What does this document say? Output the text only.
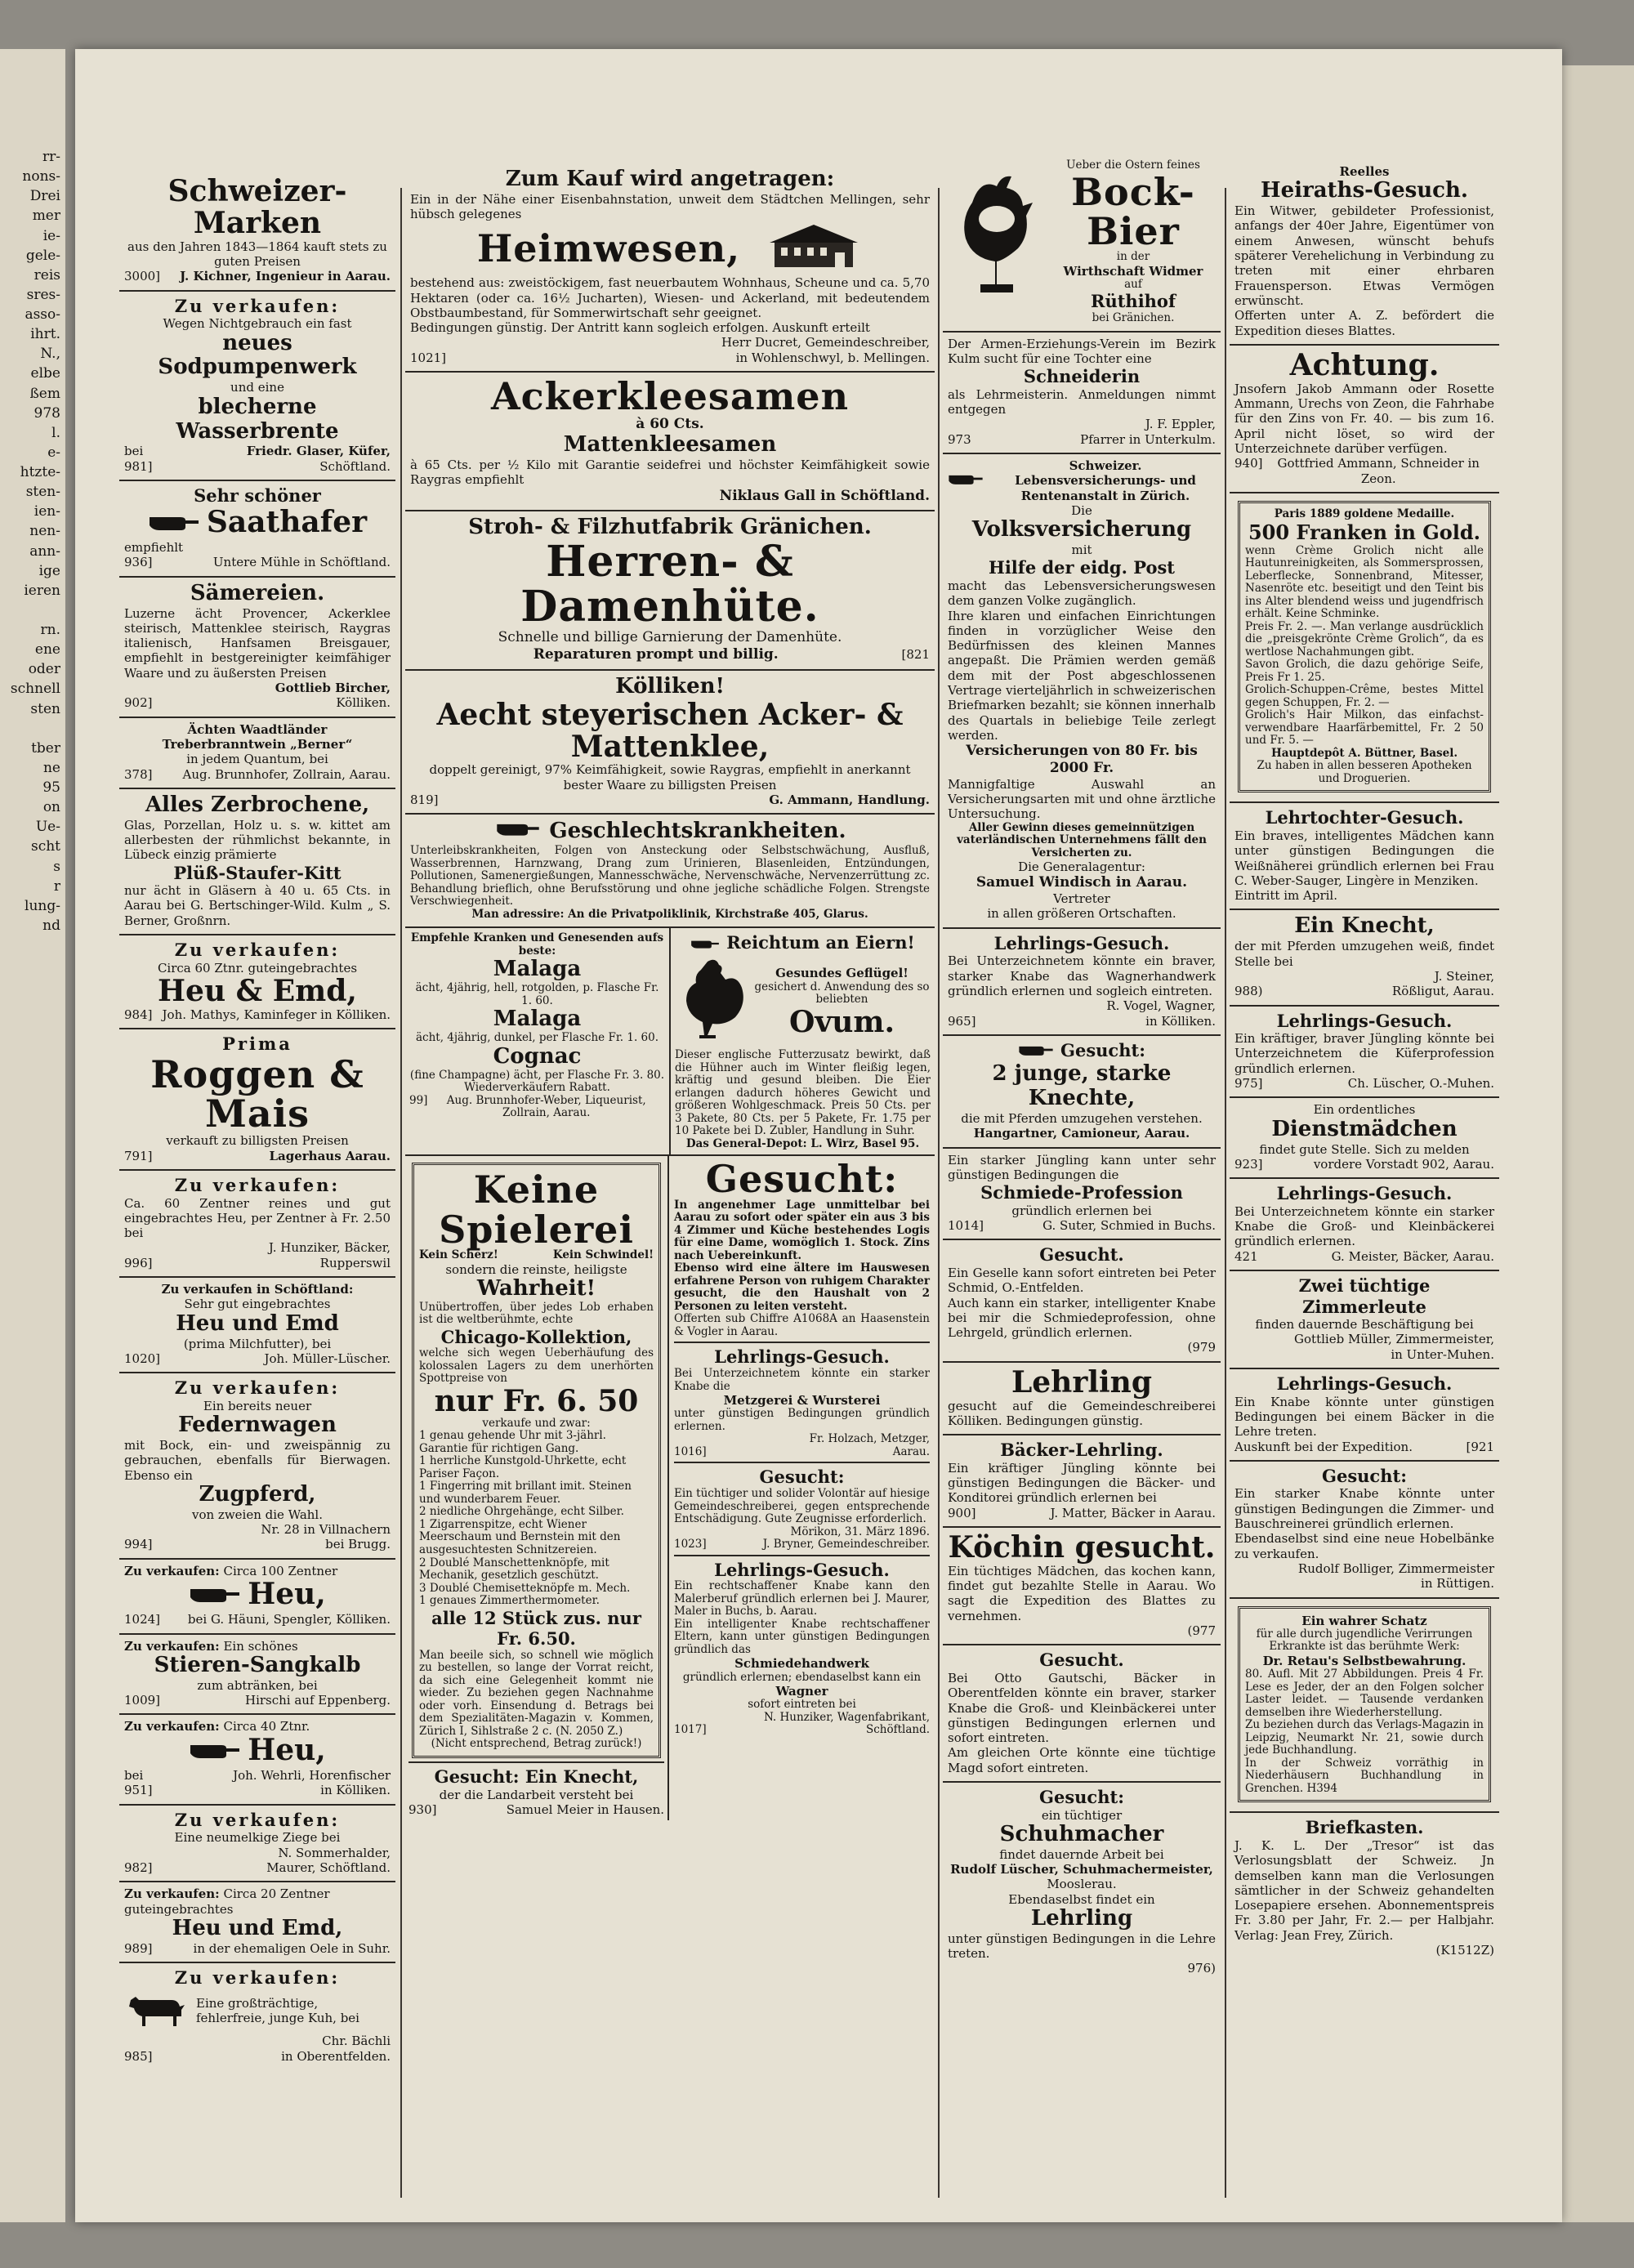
rr-
nons-
Drei
mer
ie-
gele-
reis
sres-
asso-
ihrt.
N.,
elbe
ßem
978
l.
e-
htzte-
sten-
ien-
nen-
ann-
ige
ieren

rn.
ene
oder
schnell
sten

tber
ne
95
on
Ue-
scht
s
r
lung-
nd
Schweizer-Marken
aus den Jahren 1843—1864 kauft stets zu guten Preisen
3000] J. Kichner, Ingenieur in Aarau.
Zu verkaufen:
Wegen Nichtgebrauch ein fast
neues Sodpumpenwerk
und eine
blecherne Wasserbrente
bei	Friedr. Glaser, Küfer,
981]	Schöftland.
Sehr schöner
Saathafer
empfiehlt
936]	Untere Mühle in Schöftland.
Sämereien.
Luzerne ächt Provencer, Ackerklee steirisch, Mattenklee steirisch, Raygras italienisch, Hanfsamen Breisgauer, empfiehlt in bestgereinigter keimfähiger Waare und zu äußersten Preisen
Gottlieb Bircher,
902]	Kölliken.
Ächten Waadtländer Treberbranntwein „Berner“
in jedem Quantum, bei
378] Aug. Brunnhofer, Zollrain, Aarau.
Alles Zerbrochene,
Glas, Porzellan, Holz u. s. w. kittet am allerbesten der rühmlichst bekannte, in Lübeck einzig prämierte
Plüß-Staufer-Kitt
nur ächt in Gläsern à 40 u. 65 Cts. in Aarau bei G. Bertschinger-Wild. Kulm „ S. Berner, Großnrn.
Zu verkaufen:
Circa 60 Ztnr. guteingebrachtes
Heu & Emd,
984] Joh. Mathys, Kaminfeger in Kölliken.
Prima
Roggen & Mais
verkauft zu billigsten Preisen
791]	Lagerhaus Aarau.
Zu verkaufen:
Ca. 60 Zentner reines und gut eingebrachtes Heu, per Zentner à Fr. 2.50 bei
J. Hunziker, Bäcker,
996]	Rupperswil
Zu verkaufen in Schöftland:
Sehr gut eingebrachtes
Heu und Emd
(prima Milchfutter), bei
1020]	Joh. Müller-Lüscher.
Zu verkaufen:
Ein bereits neuer
Federnwagen
mit Bock, ein- und zweispännig zu gebrauchen, ebenfalls für Bierwagen. Ebenso ein
Zugpferd,
von zweien die Wahl.
Nr. 28 in Villnachern
994]	bei Brugg.
Zu verkaufen: Circa 100 Zentner
Heu,
1024] bei G. Häuni, Spengler, Kölliken.
Zu verkaufen: Ein schönes
Stieren-Sangkalb
zum abtränken, bei
1009]	Hirschi auf Eppenberg.
Zu verkaufen: Circa 40 Ztnr.
Heu,
bei	Joh. Wehrli, Horenfischer
951]	in Kölliken.
Zu verkaufen:
Eine neumelkige Ziege bei
N. Sommerhalder,
982]	Maurer, Schöftland.
Zu verkaufen: Circa 20 Zentner guteingebrachtes
Heu und Emd,
989]	in der ehemaligen Oele in Suhr.
Zu verkaufen:
Eine großträchtige, fehlerfreie, junge Kuh, bei
Chr. Bächli
985]	in Oberentfelden.
Zum Kauf wird angetragen:
Ein in der Nähe einer Eisenbahnstation, unweit dem Städtchen Mellingen, sehr hübsch gelegenes
Heimwesen,
bestehend aus: zweistöckigem, fast neuerbautem Wohnhaus, Scheune und ca. 5,70 Hektaren (oder ca. 16½ Jucharten), Wiesen- und Ackerland, mit bedeutendem Obstbaumbestand, für Sommerwirtschaft sehr geeignet.
Bedingungen günstig. Der Antritt kann sogleich erfolgen. Auskunft erteilt
Herr Ducret, Gemeindeschreiber,
1021]	in Wohlenschwyl, b. Mellingen.
Ackerkleesamen
à 60 Cts.
Mattenkleesamen
à 65 Cts. per ½ Kilo mit Garantie seidefrei und höchster Keimfähigkeit sowie Raygras empfiehlt
Niklaus Gall in Schöftland.
Stroh- & Filzhutfabrik Gränichen.
Herren- & Damenhüte.
Schnelle und billige Garnierung der Damenhüte.
Reparaturen prompt und billig.	[821
Kölliken!
Aecht steyerischen Acker- & Mattenklee,
doppelt gereinigt, 97% Keimfähigkeit, sowie Raygras, empfiehlt in anerkannt bester Waare zu billigsten Preisen
819]	G. Ammann, Handlung.
Geschlechtskrankheiten.
Unterleibskrankheiten, Folgen von Ansteckung oder Selbstschwächung, Ausfluß, Wasserbrennen, Harnzwang, Drang zum Urinieren, Blasenleiden, Entzündungen, Pollutionen, Samenergießungen, Mannesschwäche, Nervenschwäche, Nervenzerrüttung zc. Behandlung brieflich, ohne Berufsstörung und ohne jegliche schädliche Folgen. Strengste Verschwiegenheit.
Man adressire: An die Privatpoliklinik, Kirchstraße 405, Glarus.
Empfehle Kranken und Genesenden aufs beste:
Malaga
ächt, 4jährig, hell, rotgolden, p. Flasche Fr. 1. 60.
Malaga
ächt, 4jährig, dunkel, per Flasche Fr. 1. 60.
Cognac
(fine Champagne) ächt, per Flasche Fr. 3. 80. Wiederverkäufern Rabatt.
99]	Aug. Brunnhofer-Weber, Liqueurist, Zollrain, Aarau.
Reichtum an Eiern!
Gesundes Geflügel!
gesichert d. Anwendung des so beliebten
Ovum.
Dieser englische Futterzusatz bewirkt, daß die Hühner auch im Winter fleißig legen, kräftig und gesund bleiben. Die Eier erlangen dadurch höheres Gewicht und größeren Wohlgeschmack. Preis 50 Cts. per 3 Pakete, 80 Cts. per 5 Pakete, Fr. 1.75 per 10 Pakete bei D. Zubler, Handlung in Suhr.
Das General-Depot: L. Wirz, Basel 95.
Keine Spielerei
Kein Scherz!	Kein Schwindel!
sondern die reinste, heiligste
Wahrheit!
Unübertroffen, über jedes Lob erhaben ist die weltberühmte, echte
Chicago-Kollektion,
welche sich wegen Ueberhäufung des kolossalen Lagers zu dem unerhörten Spottpreise von
nur Fr. 6. 50
verkaufe und zwar:
1 genau gehende Uhr mit 3-jährl. Garantie für richtigen Gang.
1 herrliche Kunstgold-Uhrkette, echt Pariser Façon.
1 Fingerring mit brillant imit. Steinen und wunderbarem Feuer.
2 niedliche Ohrgehänge, echt Silber.
1 Zigarrenspitze, echt Wiener Meerschaum und Bernstein mit den ausgesuchtesten Schnitzereien.
2 Doublé Manschettenknöpfe, mit Mechanik, gesetzlich geschützt.
3 Doublé Chemisetteknöpfe m. Mech.
1 genaues Zimmerthermometer.
alle 12 Stück zus. nur Fr. 6.50.
Man beeile sich, so schnell wie möglich zu bestellen, so lange der Vorrat reicht, da sich eine Gelegenheit kommt nie wieder. Zu beziehen gegen Nachnahme oder vorh. Einsendung d. Betrags bei dem Spezialitäten-Magazin v. Kommen, Zürich I, Sihlstraße 2 c. (N. 2050 Z.)
(Nicht entsprechend, Betrag zurück!)
Gesucht: Ein Knecht,
der die Landarbeit versteht bei
930]	Samuel Meier in Hausen.
Gesucht:
In angenehmer Lage unmittelbar bei Aarau zu sofort oder später ein aus 3 bis 4 Zimmer und Küche bestehendes Logis für eine Dame, womöglich 1. Stock. Zins nach Uebereinkunft.
Ebenso wird eine ältere im Hauswesen erfahrene Person von ruhigem Charakter gesucht, die den Haushalt von 2 Personen zu leiten versteht.
Offerten sub Chiffre A1068A an Haasenstein & Vogler in Aarau.
Lehrlings-Gesuch.
Bei Unterzeichnetem könnte ein starker Knabe die
Metzgerei & Wursterei
unter günstigen Bedingungen gründlich erlernen.
Fr. Holzach, Metzger,
1016]	Aarau.
Gesucht:
Ein tüchtiger und solider Volontär auf hiesige Gemeindeschreiberei, gegen entsprechende Entschädigung. Gute Zeugnisse erforderlich.
Mörikon, 31. März 1896.
1023]	J. Bryner, Gemeindeschreiber.
Lehrlings-Gesuch.
Ein rechtschaffener Knabe kann den Malerberuf gründlich erlernen bei J. Maurer, Maler in Buchs, b. Aarau.
Ein intelligenter Knabe rechtschaffener Eltern, kann unter günstigen Bedingungen gründlich das
Schmiedehandwerk
gründlich erlernen; ebendaselbst kann ein
Wagner
sofort eintreten bei
N. Hunziker, Wagenfabrikant,
1017]	Schöftland.
Ueber die Ostern feines
Bock-Bier
in der
Wirthschaft Widmer
auf
Rüthihof
bei Gränichen.
Der Armen-Erziehungs-Verein im Bezirk Kulm sucht für eine Tochter eine
Schneiderin
als Lehrmeisterin. Anmeldungen nimmt entgegen
J. F. Eppler,
973	Pfarrer in Unterkulm.
Schweizer. Lebensversicherungs- und Rentenanstalt in Zürich.
Die
Volksversicherung
mit
Hilfe der eidg. Post
macht das Lebensversicherungswesen dem ganzen Volke zugänglich.
Ihre klaren und einfachen Einrichtungen finden in vorzüglicher Weise den Bedürfnissen des kleinen Mannes angepaßt. Die Prämien werden gemäß dem mit der Post abgeschlossenen Vertrage vierteljährlich in schweizerischen Briefmarken bezahlt; sie können innerhalb des Quartals in beliebige Teile zerlegt werden.
Versicherungen von 80 Fr. bis 2000 Fr.
Mannigfaltige Auswahl an Versicherungsarten mit und ohne ärztliche Untersuchung.
Aller Gewinn dieses gemeinnützigen vaterländischen Unternehmens fällt den Versicherten zu.
Die Generalagentur:
Samuel Windisch in Aarau.
Vertreter
in allen größeren Ortschaften.
Lehrlings-Gesuch.
Bei Unterzeichnetem könnte ein braver, starker Knabe das Wagnerhandwerk gründlich erlernen und sogleich eintreten.
R. Vogel, Wagner,
965]	in Kölliken.
Gesucht:
2 junge, starke Knechte,
die mit Pferden umzugehen verstehen.
Hangartner, Camioneur, Aarau.
Ein starker Jüngling kann unter sehr günstigen Bedingungen die
Schmiede-Profession
gründlich erlernen bei
1014]	G. Suter, Schmied in Buchs.
Gesucht.
Ein Geselle kann sofort eintreten bei Peter Schmid, O.-Entfelden.
Auch kann ein starker, intelligenter Knabe bei mir die Schmiedeprofession, ohne Lehrgeld, gründlich erlernen.
(979
Lehrling
gesucht auf die Gemeindeschreiberei Kölliken. Bedingungen günstig.
Bäcker-Lehrling.
Ein kräftiger Jüngling könnte bei günstigen Bedingungen die Bäcker- und Konditorei gründlich erlernen bei
900]	J. Matter, Bäcker in Aarau.
Köchin gesucht.
Ein tüchtiges Mädchen, das kochen kann, findet gut bezahlte Stelle in Aarau. Wo sagt die Expedition des Blattes zu vernehmen.
(977
Gesucht.
Bei Otto Gautschi, Bäcker in Oberentfelden könnte ein braver, starker Knabe die Groß- und Kleinbäckerei unter günstigen Bedingungen erlernen und sofort eintreten.
Am gleichen Orte könnte eine tüchtige Magd sofort eintreten.
Gesucht:
ein tüchtiger
Schuhmacher
findet dauernde Arbeit bei
Rudolf Lüscher, Schuhmachermeister,
Mooslerau.
Ebendaselbst findet ein
Lehrling
unter günstigen Bedingungen in die Lehre treten.
976)
Reelles
Heiraths-Gesuch.
Ein Witwer, gebildeter Professionist, anfangs der 40er Jahre, Eigentümer von einem Anwesen, wünscht behufs späterer Verehelichung in Verbindung zu treten mit einer ehrbaren Frauensperson. Etwas Vermögen erwünscht.
Offerten unter A. Z. befördert die Expedition dieses Blattes.
Achtung.
Jnsofern Jakob Ammann oder Rosette Ammann, Urechs von Zeon, die Fahrhabe für den Zins von Fr. 40. — bis zum 16. April nicht löset, so wird der Unterzeichnete darüber verfügen.
940]	Gottfried Ammann, Schneider in Zeon.
Paris 1889 goldene Medaille.
500 Franken in Gold.
wenn Crème Grolich nicht alle Hautunreinigkeiten, als Sommersprossen, Leberflecke, Sonnenbrand, Mitesser, Nasenröte etc. beseitigt und den Teint bis ins Alter blendend weiss und jugendfrisch erhält. Keine Schminke.
Preis Fr. 2. —. Man verlange ausdrücklich die „preisgekrönte Crème Grolich“, da es wertlose Nachahmungen gibt.
Savon Grolich, die dazu gehörige Seife, Preis Fr 1. 25.
Grolich-Schuppen-Crême, bestes Mittel gegen Schuppen, Fr. 2. —
Grolich's Hair Milkon, das einfachst-verwendbare Haarfärbemittel, Fr. 2 50 und Fr. 5. —
Hauptdepôt A. Büttner, Basel.
Zu haben in allen besseren Apotheken und Droguerien.
Lehrtochter-Gesuch.
Ein braves, intelligentes Mädchen kann unter günstigen Bedingungen die Weißnäherei gründlich erlernen bei Frau C. Weber-Sauger, Lingère in Menziken.
Eintritt im April.
Ein Knecht,
der mit Pferden umzugehen weiß, findet Stelle bei
J. Steiner,
988)	Rößligut, Aarau.
Lehrlings-Gesuch.
Ein kräftiger, braver Jüngling könnte bei Unterzeichnetem die Küferprofession gründlich erlernen.
975]	Ch. Lüscher, O.-Muhen.
Ein ordentliches
Dienstmädchen
findet gute Stelle. Sich zu melden
923]	vordere Vorstadt 902, Aarau.
Lehrlings-Gesuch.
Bei Unterzeichnetem könnte ein starker Knabe die Groß- und Kleinbäckerei gründlich erlernen.
421	G. Meister, Bäcker, Aarau.
Zwei tüchtige Zimmerleute
finden dauernde Beschäftigung bei
Gottlieb Müller, Zimmermeister,
in Unter-Muhen.
Lehrlings-Gesuch.
Ein Knabe könnte unter günstigen Bedingungen bei einem Bäcker in die Lehre treten.
Auskunft bei der Expedition.	[921
Gesucht:
Ein starker Knabe könnte unter günstigen Bedingungen die Zimmer- und Bauschreinerei gründlich erlernen.
Ebendaselbst sind eine neue Hobelbänke zu verkaufen.
Rudolf Bolliger, Zimmermeister
in Rüttigen.
Ein wahrer Schatz
für alle durch jugendliche Verirrungen Erkrankte ist das berühmte Werk:
Dr. Retau's Selbstbewahrung.
80. Aufl. Mit 27 Abbildungen. Preis 4 Fr. Lese es Jeder, der an den Folgen solcher Laster leidet. — Tausende verdanken demselben ihre Wiederherstellung.
Zu beziehen durch das Verlags-Magazin in Leipzig, Neumarkt Nr. 21, sowie durch jede Buchhandlung.
In der Schweiz vorräthig in Niederhäusern Buchhandlung in Grenchen. H394
Briefkasten.
J. K. L. Der „Tresor“ ist das Verlosungsblatt der Schweiz. Jn demselben kann man die Verlosungen sämtlicher in der Schweiz gehandelten Losepapiere ersehen. Abonnementspreis Fr. 3.80 per Jahr, Fr. 2.— per Halbjahr. Verlag: Jean Frey, Zürich.
(K1512Z)
